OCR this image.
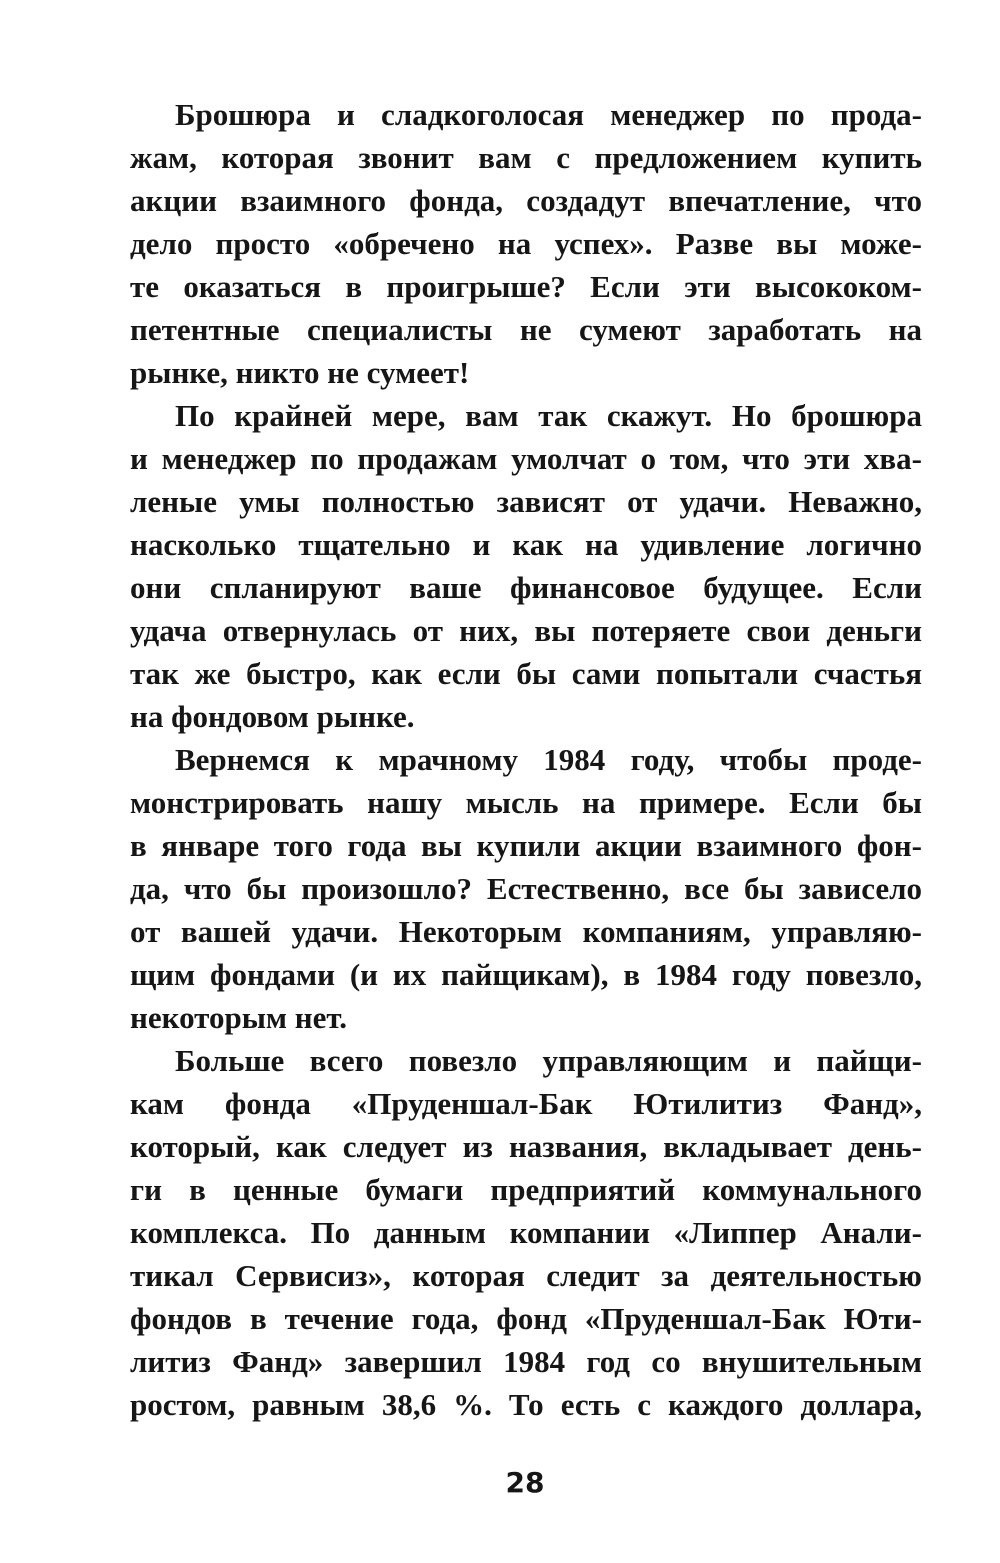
Брошюра и сладкоголосая менеджер по прода-
жам, которая звонит вам с предложением купить
акции взаимного фонда, создадут впечатление, что
дело просто «обречено на успех». Разве вы може-
те оказаться в проигрыше? Если эти высококом-
петентные специалисты не сумеют заработать на
рынке, никто не сумеет!
По крайней мере, вам так скажут. Но брошюра
и менеджер по продажам умолчат о том, что эти хва-
леные умы полностью зависят от удачи. Неважно,
насколько тщательно и как на удивление логично
они спланируют ваше финансовое будущее. Если
удача отвернулась от них, вы потеряете свои деньги
так же быстро, как если бы сами попытали счастья
на фондовом рынке.
Вернемся к мрачному 1984 году, чтобы проде-
монстрировать нашу мысль на примере. Если бы
в январе того года вы купили акции взаимного фон-
да, что бы произошло? Естественно, все бы зависело
от вашей удачи. Некоторым компаниям, управляю-
щим фондами (и их пайщикам), в 1984 году повезло,
некоторым нет.
Больше всего повезло управляющим и пайщи-
кам фонда «Пруденшал-Бак Ютилитиз Фанд»,
который, как следует из названия, вкладывает день-
ги в ценные бумаги предприятий коммунального
комплекса. По данным компании «Липпер Анали-
тикал Сервисиз», которая следит за деятельностью
фондов в течение года, фонд «Пруденшал-Бак Юти-
литиз Фанд» завершил 1984 год со внушительным
ростом, равным 38,6 %. То есть с каждого доллара,
28
